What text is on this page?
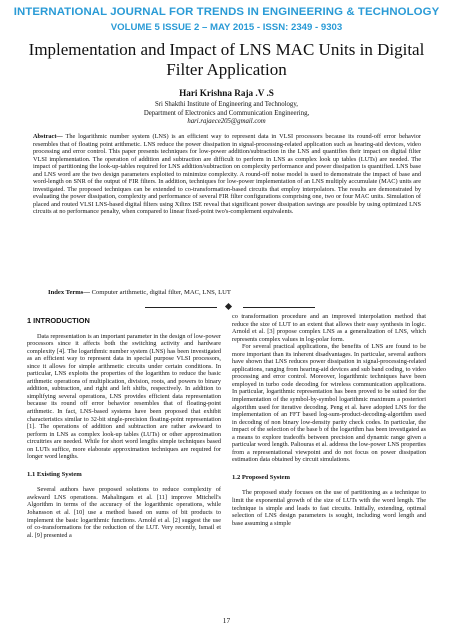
INTERNATIONAL JOURNAL FOR TRENDS IN ENGINEERING & TECHNOLOGY
VOLUME 5 ISSUE 2 – MAY 2015 - ISSN: 2349 - 9303
Implementation and Impact of LNS MAC Units in Digital Filter Application
Hari Krishna Raja .V .S
Sri Shakthi Institute of Engineering and Technology,
Department of Electronics and Communication Engineering,
hari.rajaece205@gmail.com
Abstract— The logarithmic number system (LNS) is an efficient way to represent data in VLSI processors because its round-off error behavior resembles that of floating point arithmetic. LNS reduce the power dissipation in signal-processing-related application such as hearing-aid devices, video processing and error control. This paper presents techniques for low-power addition/subtraction in the LNS and quantifies their impact on digital filter VLSI implementation. The operation of addition and subtraction are difficult to perform in LNS as complex look up tables (LUTs) are needed. The impact of partitioning the look-up-tables required for LNS addition/subtraction on complexity performance and power dissipation is quantified. LNS base and LNS word are the two design parameters exploited to minimize complexity. A round-off noise model is used to demonstrate the impact of base and word-length on SNR of the output of FIR filters. In addition, techniques for low-power implementation of an LNS multiply accumulate (MAC) units are investigated. The proposed techniques can be extended to co-transformation-based circuits that employ interpolators. The results are demonstrated by evaluating the power dissipation, complexity and performance of several FIR filter configurations comprising one, two or four MAC units. Simulation of placed and routed VLSI LNS-based digital filters using Xilinx ISE reveal that significant power dissipation savings are possible by using optimized LNS circuits at no performance penalty, when compared to linear fixed-point two's-complement equivalents.
Index Terms— Computer arithmetic, digital filter, MAC, LNS, LUT
1 INTRODUCTION

Data representation is an important parameter in the design of low-power processors since it affects both the switching activity and hardware complexity [4]. The logarithmic number system (LNS) has been investigated as an efficient way to represent data in special purpose VLSI processors, since it allows for simple arithmetic circuits under certain conditions. In particular, LNS exploits the properties of the logarithm to reduce the basic arithmetic operations of multiplication, division, roots, and powers to binary addition, subtraction, and right and left shifts, respectively. In addition to simplifying several operations, LNS provides efficient data representation because its round off error behavior resembles that of floating-point arithmetic. In fact, LNS-based systems have been proposed that exhibit characteristics similar to 32-bit single-precision floating-point representation [1]. The operations of addition and subtraction are rather awkward to perform in LNS as complex look-up tables (LUTs) or other approximation circuitries are needed. While for short word lengths simple techniques based on LUTs suffice, more elaborate approximation techniques are required for longer word lengths.

1.1 Existing System

Several authors have proposed solutions to reduce complexity of awkward LNS operations. Mahalingam et al. [11] improve Mitchell's Algorithm in terms of the accuracy of the logarithmic operations, while Johansson et al. [10] use a method based on sums of bit products to implement the basic logarithmic functions. Arnold et al. [2] suggest the use of co-transformations for the reduction of the LUT. Very recently, Ismail et al. [9] presented a

co transformation procedure and an improved interpolation method that reduce the size of LUT to an extent that allows their easy synthesis in logic. Arnold et al. [3] propose complex LNS as a generalization of LNS, which represents complex values in log-polar form.

For several practical applications, the benefits of LNS are found to be more important than its inherent disadvantages. In particular, several authors have shown that LNS reduces power dissipation in signal-processing-related applications, ranging from hearing-aid devices and sub band coding, to video processing and error control. Moreover, logarithmic techniques have been employed in turbo code decoding for wireless communication applications. In particular, logarithmic representation has been proved to be suited for the implementation of the symbol-by-symbol logarithmic maximum a posteriori algorithm used for iterative decoding. Peng et al. have adopted LNS for the implementation of an FFT based log-sum-product-decoding-algorithm used in decoding of non binary low-density parity check codes. In particular, the impact of the selection of the base b of the logarithm has been investigated as a means to explore tradeoffs between precision and dynamic range given a particular word length. Paliouras et al. address the low-power LNS properties from a representational viewpoint and do not focus on power dissipation estimation data obtained by circuit simulations.

1.2 Proposed System

The proposed study focuses on the use of partitioning as a technique to limit the exponential growth of the size of LUTs with the word length. The technique is simple and leads to fast circuits. Initially, extending, optimal selection of LNS design parameters is sought, including word length and base assuming a simple

17
